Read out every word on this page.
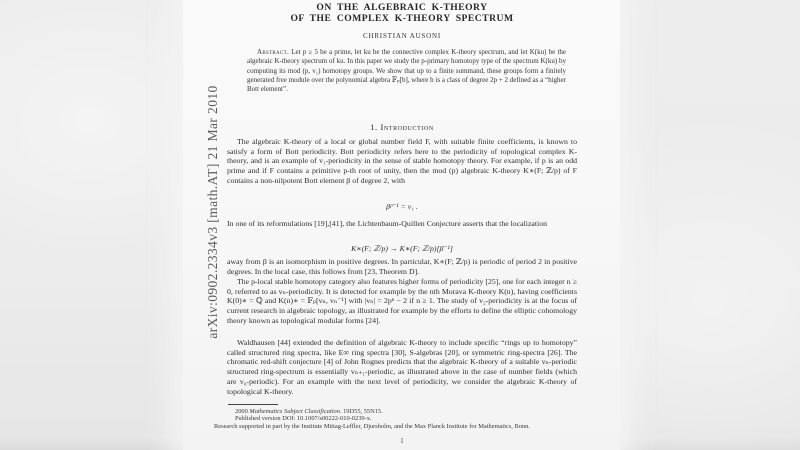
ON THE ALGEBRAIC K-THEORY
OF THE COMPLEX K-THEORY SPECTRUM
CHRISTIAN AUSONI
Abstract. Let p ≥ 5 be a prime, let ku be the connective complex K-theory spectrum, and let K(ku) be the algebraic K-theory spectrum of ku. In this paper we study the p-primary homotopy type of the spectrum K(ku) by computing its mod (p, v₁) homotopy groups. We show that up to a finite summand, these groups form a finitely generated free module over the polynomial algebra 𝔽ₚ[b], where b is a class of degree 2p + 2 defined as a “higher Bott element”.
1. Introduction
The algebraic K-theory of a local or global number field F, with suitable finite coefficients, is known to satisfy a form of Bott periodicity. Bott periodicity refers here to the periodicity of topological complex K-theory, and is an example of v₁-periodicity in the sense of stable homotopy theory. For example, if p is an odd prime and if F contains a primitive p-th root of unity, then the mod (p) algebraic K-theory K∗(F; ℤ/p) of F contains a non-nilpotent Bott element β of degree 2, with
βᵖ⁻¹ = v₁ .
In one of its reformulations [19],[41], the Lichtenbaum-Quillen Conjecture asserts that the localization
K∗(F; ℤ/p) → K∗(F; ℤ/p)[β⁻¹]
away from β is an isomorphism in positive degrees. In particular, K∗(F; ℤ/p) is periodic of period 2 in positive degrees. In the local case, this follows from [23, Theorem D].
The p-local stable homotopy category also features higher forms of periodicity [25], one for each integer n ≥ 0, referred to as vₙ-periodicity. It is detected for example by the nth Morava K-theory K(n), having coefficients K(0)∗ = ℚ and K(n)∗ = 𝔽ₚ[vₙ, vₙ⁻¹] with |vₙ| = 2pⁿ − 2 if n ≥ 1. The study of v₂-periodicity is at the focus of current research in algebraic topology, as illustrated for example by the efforts to define the elliptic cohomology theory known as topological modular forms [24].
Waldhausen [44] extended the definition of algebraic K-theory to include specific “rings up to homotopy” called structured ring spectra, like E∞ ring spectra [30], S-algebras [20], or symmetric ring-spectra [26]. The chromatic red-shift conjecture [4] of John Rognes predicts that the algebraic K-theory of a suitable vₙ-periodic structured ring-spectrum is essentially vₙ₊₁-periodic, as illustrated above in the case of number fields (which are v₀-periodic). For an example with the next level of periodicity, we consider the algebraic K-theory of topological K-theory.

2000 Mathematics Subject Classification. 19D55, 55N15.

Published version DOI: 10.1007/s00222-010-0239-x.

Research supported in part by the Institute Mittag-Leffler, Djursholm, and the Max Planck Institute for Mathematics, Bonn.

1
arXiv:0902.2334v3 [math.AT] 21 Mar 2010
